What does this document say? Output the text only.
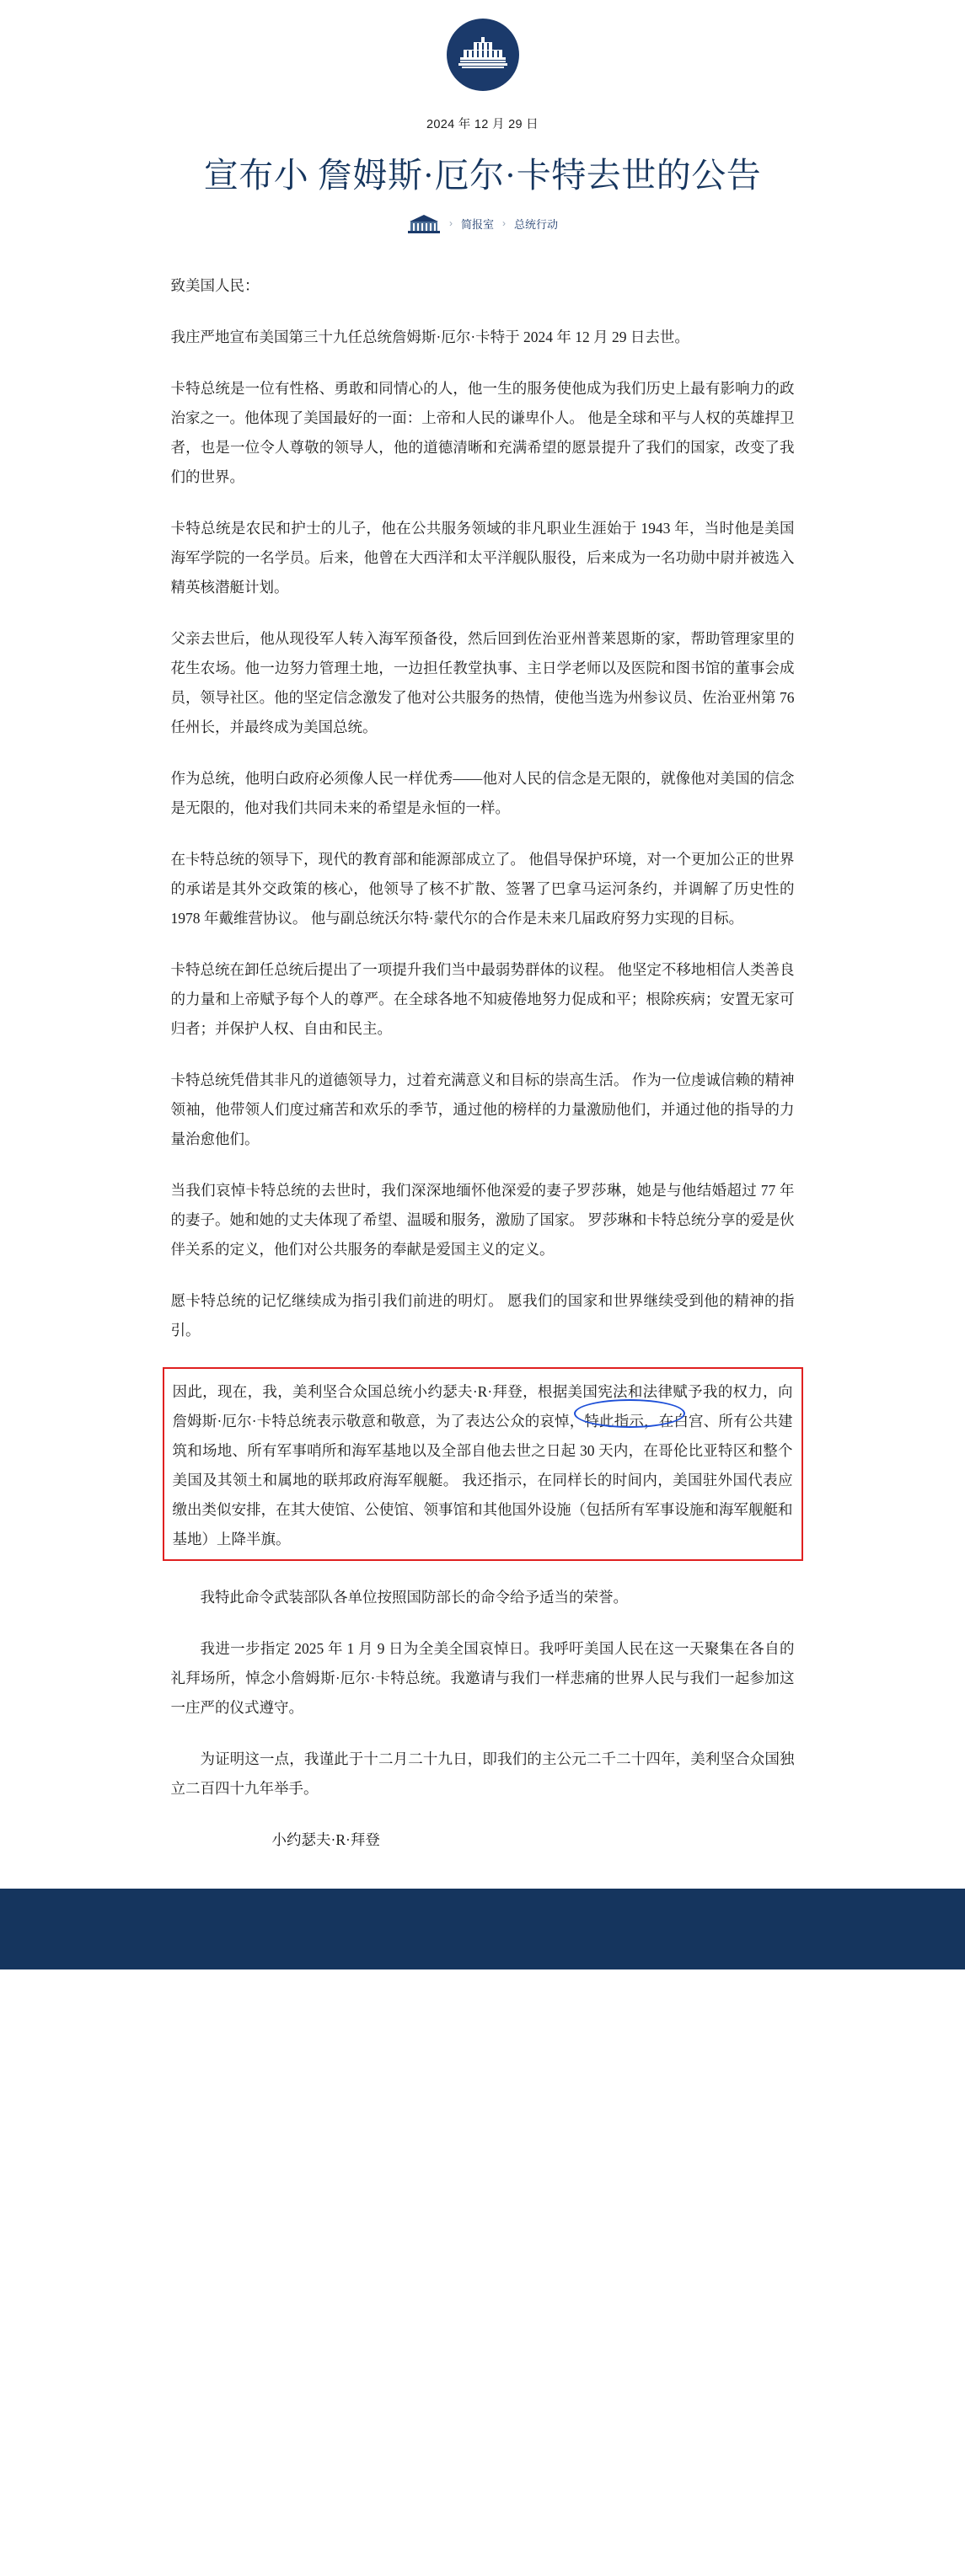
2024 年 12 月 29 日
宣布小 詹姆斯·厄尔·卡特去世的公告
› 简报室 › 总统行动

致美国人民：

我庄严地宣布美国第三十九任总统詹姆斯·厄尔·卡特于 2024 年 12 月 29 日去世。

卡特总统是一位有性格、勇敢和同情心的人，他一生的服务使他成为我们历史上最有影响力的政治家之一。他体现了美国最好的一面：上帝和人民的谦卑仆人。 他是全球和平与人权的英雄捍卫者，也是一位令人尊敬的领导人，他的道德清晰和充满希望的愿景提升了我们的国家，改变了我们的世界。

卡特总统是农民和护士的儿子，他在公共服务领域的非凡职业生涯始于 1943 年，当时他是美国海军学院的一名学员。后来，他曾在大西洋和太平洋舰队服役，后来成为一名功勋中尉并被选入精英核潜艇计划。

父亲去世后，他从现役军人转入海军预备役，然后回到佐治亚州普莱恩斯的家，帮助管理家里的花生农场。他一边努力管理土地，一边担任教堂执事、主日学老师以及医院和图书馆的董事会成员，领导社区。他的坚定信念激发了他对公共服务的热情，使他当选为州参议员、佐治亚州第 76 任州长，并最终成为美国总统。

作为总统，他明白政府必须像人民一样优秀——他对人民的信念是无限的，就像他对美国的信念是无限的，他对我们共同未来的希望是永恒的一样。

在卡特总统的领导下，现代的教育部和能源部成立了。 他倡导保护环境，对一个更加公正的世界的承诺是其外交政策的核心，他领导了核不扩散、签署了巴拿马运河条约，并调解了历史性的 1978 年戴维营协议。 他与副总统沃尔特·蒙代尔的合作是未来几届政府努力实现的目标。

卡特总统在卸任总统后提出了一项提升我们当中最弱势群体的议程。 他坚定不移地相信人类善良的力量和上帝赋予每个人的尊严。在全球各地不知疲倦地努力促成和平；根除疾病；安置无家可归者；并保护人权、自由和民主。

卡特总统凭借其非凡的道德领导力，过着充满意义和目标的崇高生活。 作为一位虔诚信赖的精神领袖，他带领人们度过痛苦和欢乐的季节，通过他的榜样的力量激励他们，并通过他的指导的力量治愈他们。

当我们哀悼卡特总统的去世时，我们深深地缅怀他深爱的妻子罗莎琳，她是与他结婚超过 77 年的妻子。她和她的丈夫体现了希望、温暖和服务，激励了国家。 罗莎琳和卡特总统分享的爱是伙伴关系的定义，他们对公共服务的奉献是爱国主义的定义。

愿卡特总统的记忆继续成为指引我们前进的明灯。 愿我们的国家和世界继续受到他的精神的指引。

因此，现在，我，美利坚合众国总统小约瑟夫·R·拜登，根据美国宪法和法律赋予我的权力，向詹姆斯·厄尔·卡特总统表示敬意和敬意，为了表达公众的哀悼，特此指示，在白宫、所有公共建筑和场地、所有军事哨所和海军基地以及全部自他去世之日起 30 天内，在哥伦比亚特区和整个美国及其领土和属地的联邦政府海军舰艇。 我还指示，在同样长的时间内，美国驻外国代表应缴出类似安排，在其大使馆、公使馆、领事馆和其他国外设施（包括所有军事设施和海军舰艇和基地）上降半旗。

我特此命令武装部队各单位按照国防部长的命令给予适当的荣誉。

我进一步指定 2025 年 1 月 9 日为全美全国哀悼日。我呼吁美国人民在这一天聚集在各自的礼拜场所，悼念小詹姆斯·厄尔·卡特总统。我邀请与我们一样悲痛的世界人民与我们一起参加这一庄严的仪式遵守。

为证明这一点，我谨此于十二月二十九日，即我们的主公元二千二十四年，美利坚合众国独立二百四十九年举手。

小约瑟夫·R·拜登
